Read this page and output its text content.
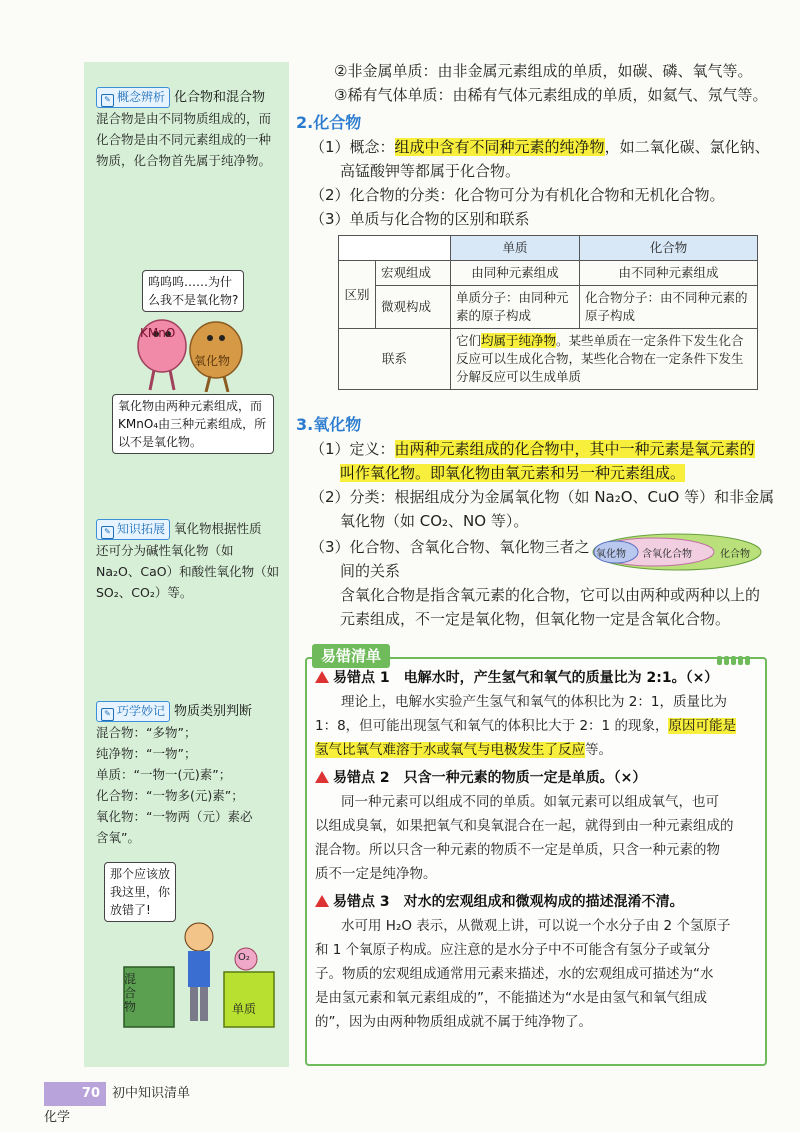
✎ 概念辨析 化合物和混合物
混合物是由不同物质组成的，而
化合物是由不同元素组成的一种
物质，化合物首先属于纯净物。
呜呜呜……为什
么我不是氧化物?
KMnO
氧化物
氧化物由两种元素组成，而
KMnO₄由三种元素组成，所
以不是氧化物。
✎ 知识拓展 氧化物根据性质
还可分为碱性氧化物（如
Na₂O、CaO）和酸性氧化物（如
SO₂、CO₂）等。
✎ 巧学妙记 物质类别判断
混合物：“多物”；
纯净物：“一物”；
单质：“一物一(元)素”；
化合物：“一物多(元)素”；
氧化物：“一物两（元）素必
含氧”。
那个应该放
我这里，你
放错了!
混合物	单质
O₂
②非金属单质：由非金属元素组成的单质，如碳、磷、氧气等。
③稀有气体单质：由稀有气体元素组成的单质，如氦气、氖气等。
2.化合物
（1）概念：组成中含有不同种元素的纯净物，如二氧化碳、氯化钠、
高锰酸钾等都属于化合物。
（2）化合物的分类：化合物可分为有机化合物和无机化合物。
（3）单质与化合物的区别和联系
		单质	化合物
区别	宏观组成	由同种元素组成	由不同种元素组成
	微观构成	单质分子：由同种元素的原子构成	化合物分子：由不同种元素的原子构成
联系		它们均属于纯净物。某些单质在一定条件下发生化合反应可以生成化合物，某些化合物在一定条件下发生分解反应可以生成单质	
3.氧化物
（1）定义：由两种元素组成的化合物中，其中一种元素是氧元素的
叫作氧化物。即氧化物由氧元素和另一种元素组成。
（2）分类：根据组成分为金属氧化物（如 Na₂O、CuO 等）和非金属
氧化物（如 CO₂、NO 等）。
（3）化合物、含氧化合物、氧化物三者之
间的关系
含氧化合物是指含氧元素的化合物，它可以由两种或两种以上的
元素组成，不一定是氧化物，但氧化物一定是含氧化合物。
氧化物 含氧化合物	化合物
易错清单
易错点 1　电解水时，产生氢气和氧气的质量比为 2:1。（×）
理论上，电解水实验产生氢气和氧气的体积比为 2：1，质量比为
1：8，但可能出现氢气和氧气的体积比大于 2：1 的现象，原因可能是
氢气比氧气难溶于水或氧气与电极发生了反应等。
易错点 2　只含一种元素的物质一定是单质。（×）
同一种元素可以组成不同的单质。如氧元素可以组成氧气，也可
以组成臭氧，如果把氧气和臭氧混合在一起，就得到由一种元素组成的
混合物。所以只含一种元素的物质不一定是单质，只含一种元素的物
质不一定是纯净物。
易错点 3　对水的宏观组成和微观构成的描述混淆不清。
水可用 H₂O 表示，从微观上讲，可以说一个水分子由 2 个氢原子
和 1 个氧原子构成。应注意的是水分子中不可能含有氢分子或氧分
子。物质的宏观组成通常用元素来描述，水的宏观组成可描述为“水
是由氢元素和氧元素组成的”，不能描述为“水是由氢气和氧气组成
的”，因为由两种物质组成就不属于纯净物了。
70 初中知识清单 化学
